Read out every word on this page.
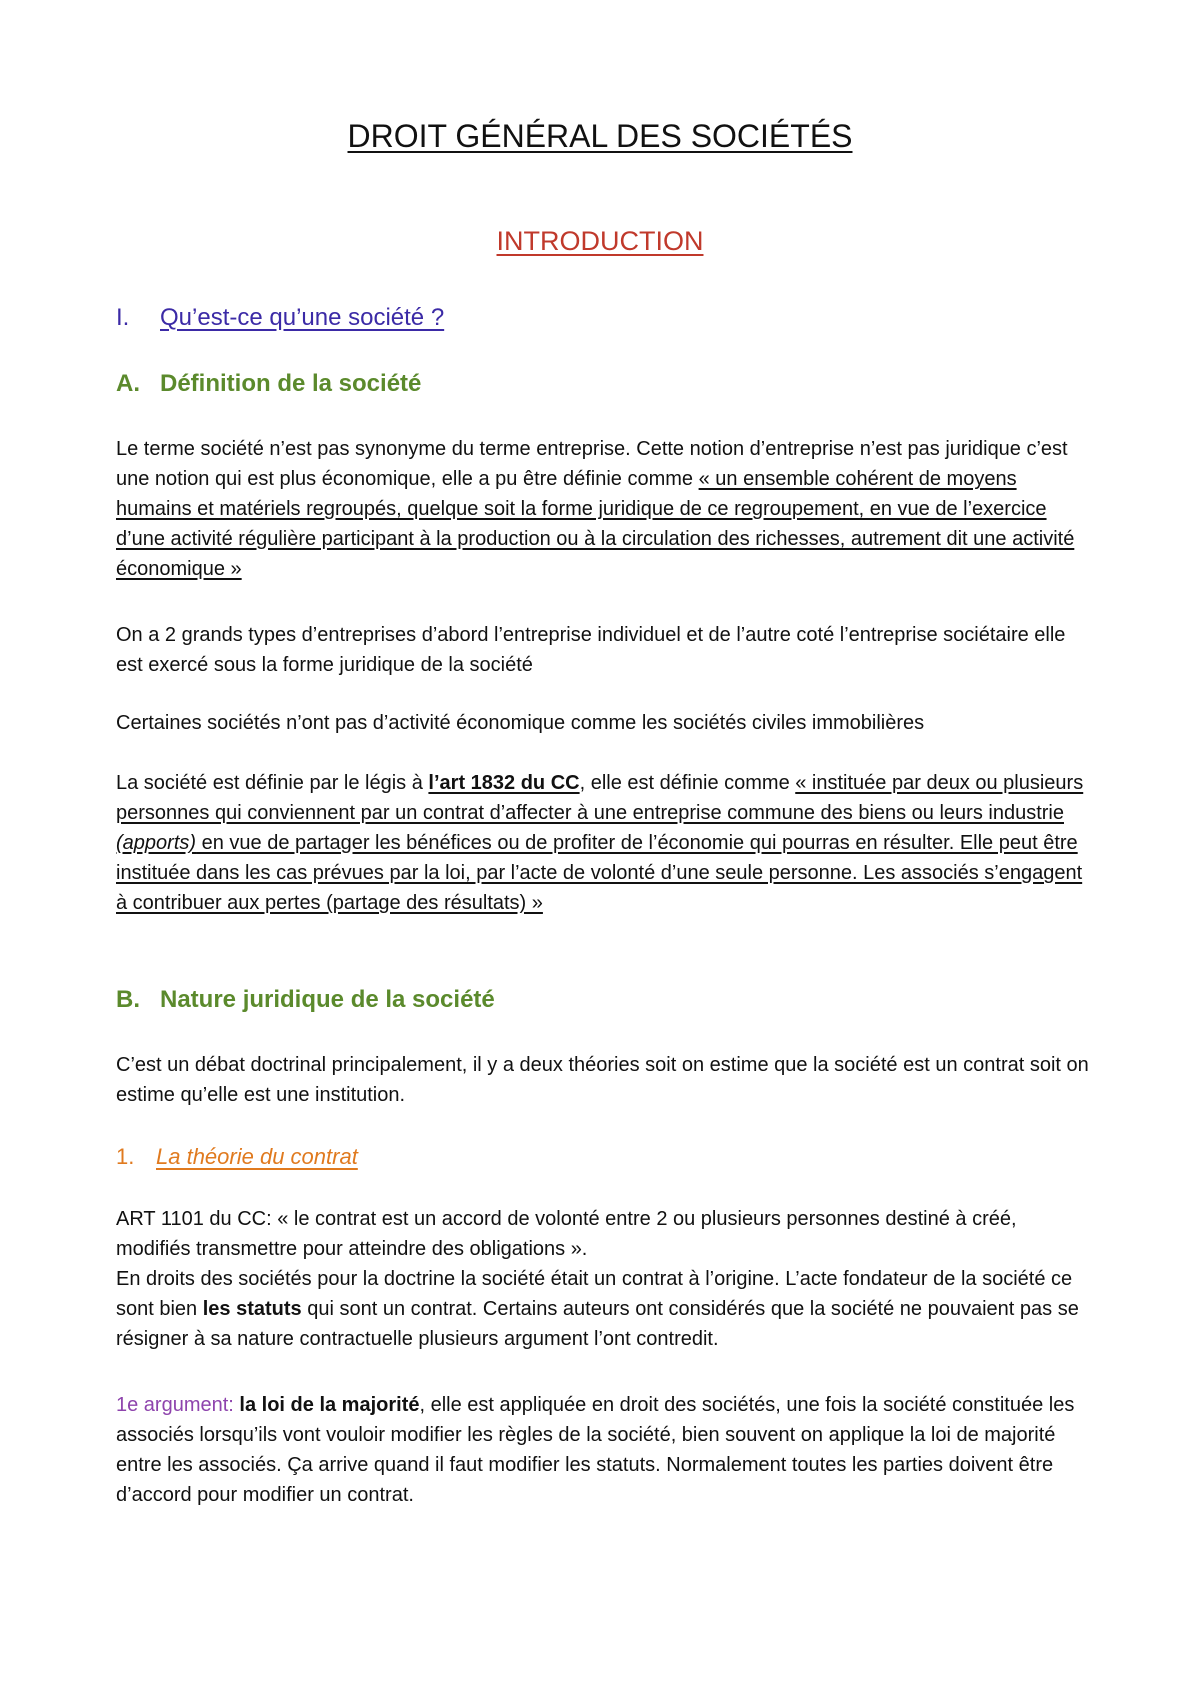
DROIT GÉNÉRAL DES SOCIÉTÉS
INTRODUCTION
I. Qu’est-ce qu’une société ?
A. Définition de la société
Le terme société n’est pas synonyme du terme entreprise. Cette notion d’entreprise n’est pas juridique c’est une notion qui est plus économique, elle a pu être définie comme « un ensemble cohérent de moyens humains et matériels regroupés, quelque soit la forme juridique de ce regroupement, en vue de l’exercice d’une activité régulière participant à la production ou à la circulation des richesses, autrement dit une activité économique »
On a 2 grands types d’entreprises d’abord l’entreprise individuel et de l’autre coté l’entreprise sociétaire elle est exercé sous la forme juridique de la société
Certaines sociétés n’ont pas d’activité économique comme les sociétés civiles immobilières
La société est définie par le légis à l’art 1832 du CC, elle est définie comme « instituée par deux ou plusieurs personnes qui conviennent par un contrat d’affecter à une entreprise commune des biens ou leurs industrie (apports) en vue de partager les bénéfices ou de profiter de l’économie qui pourras en résulter. Elle peut être instituée dans les cas prévues par la loi, par l’acte de volonté d’une seule personne. Les associés s’engagent à contribuer aux pertes (partage des résultats) »
B. Nature juridique de la société
C’est un débat doctrinal principalement, il y a deux théories soit on estime que la société est un contrat soit on estime qu’elle est une institution.
1. La théorie du contrat
ART 1101 du CC: « le contrat est un accord de volonté entre 2 ou plusieurs personnes destiné à créé, modifiés transmettre pour atteindre des obligations ».
En droits des sociétés pour la doctrine la société était un contrat à l’origine. L’acte fondateur de la société ce sont bien les statuts qui sont un contrat. Certains auteurs ont considérés que la société ne pouvaient pas se résigner à sa nature contractuelle plusieurs argument l’ont contredit.
1e argument: la loi de la majorité, elle est appliquée en droit des sociétés, une fois la société constituée les associés lorsqu’ils vont vouloir modifier les règles de la société, bien souvent on applique la loi de majorité entre les associés. Ça arrive quand il faut modifier les statuts. Normalement toutes les parties doivent être d’accord pour modifier un contrat.
